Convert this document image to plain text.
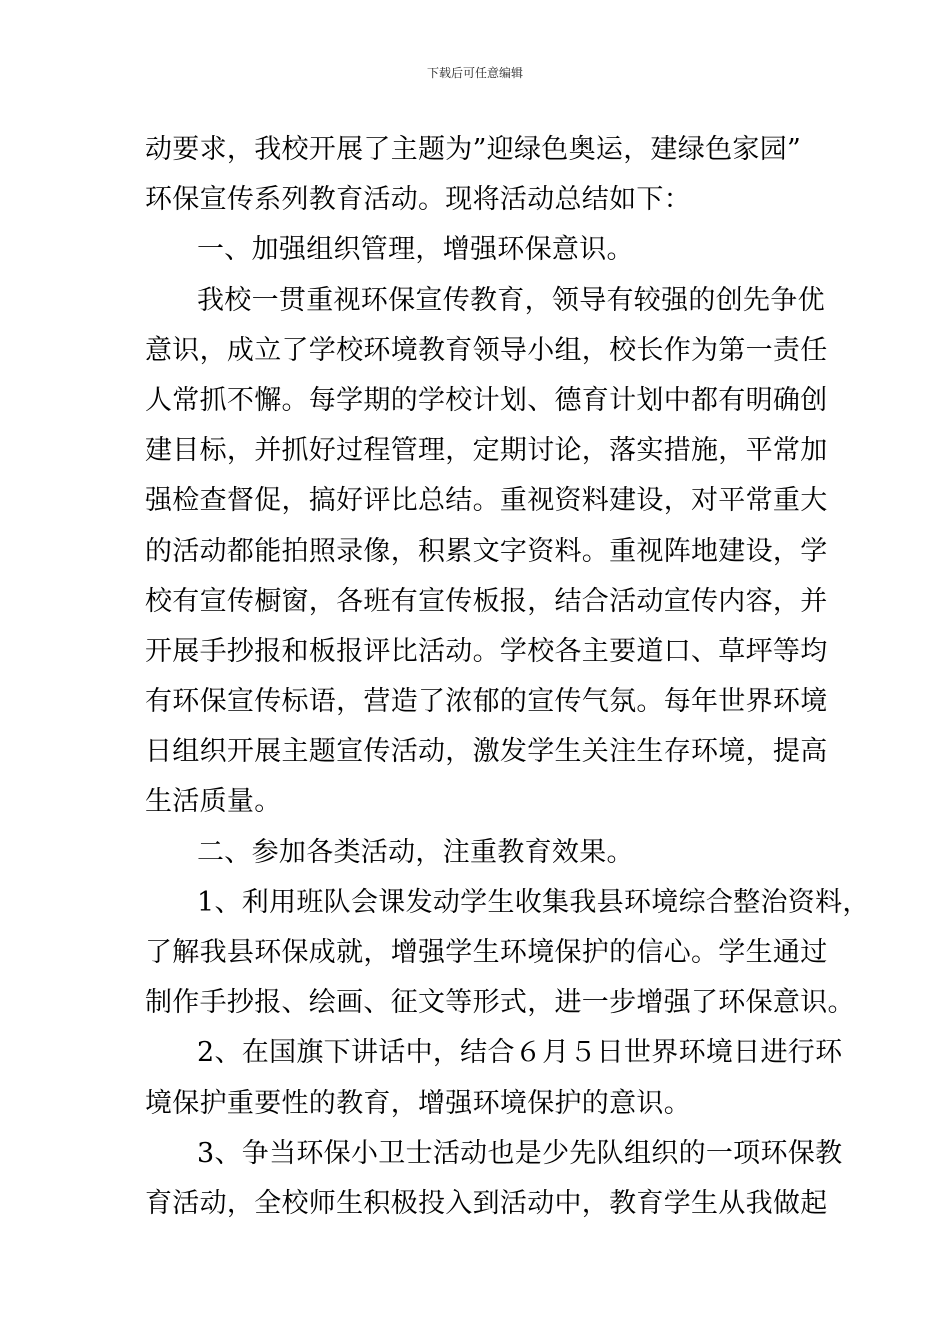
下载后可任意编辑
动要求，我校开展了主题为”迎绿色奥运，建绿色家园”
环保宣传系列教育活动。现将活动总结如下：
一、加强组织管理，增强环保意识。
我校一贯重视环保宣传教育，领导有较强的创先争优
意识，成立了学校环境教育领导小组，校长作为第一责任
人常抓不懈。每学期的学校计划、德育计划中都有明确创
建目标，并抓好过程管理，定期讨论，落实措施，平常加
强检查督促，搞好评比总结。重视资料建设，对平常重大
的活动都能拍照录像，积累文字资料。重视阵地建设，学
校有宣传橱窗，各班有宣传板报，结合活动宣传内容，并
开展手抄报和板报评比活动。学校各主要道口、草坪等均
有环保宣传标语，营造了浓郁的宣传气氛。每年世界环境
日组织开展主题宣传活动，激发学生关注生存环境，提高
生活质量。
二、参加各类活动，注重教育效果。
1、利用班队会课发动学生收集我县环境综合整治资料，
了解我县环保成就，增强学生环境保护的信心。学生通过
制作手抄报、绘画、征文等形式，进一步增强了环保意识。
2、在国旗下讲话中，结合６月５日世界环境日进行环
境保护重要性的教育，增强环境保护的意识。
3、争当环保小卫士活动也是少先队组织的一项环保教
育活动，全校师生积极投入到活动中，教育学生从我做起
